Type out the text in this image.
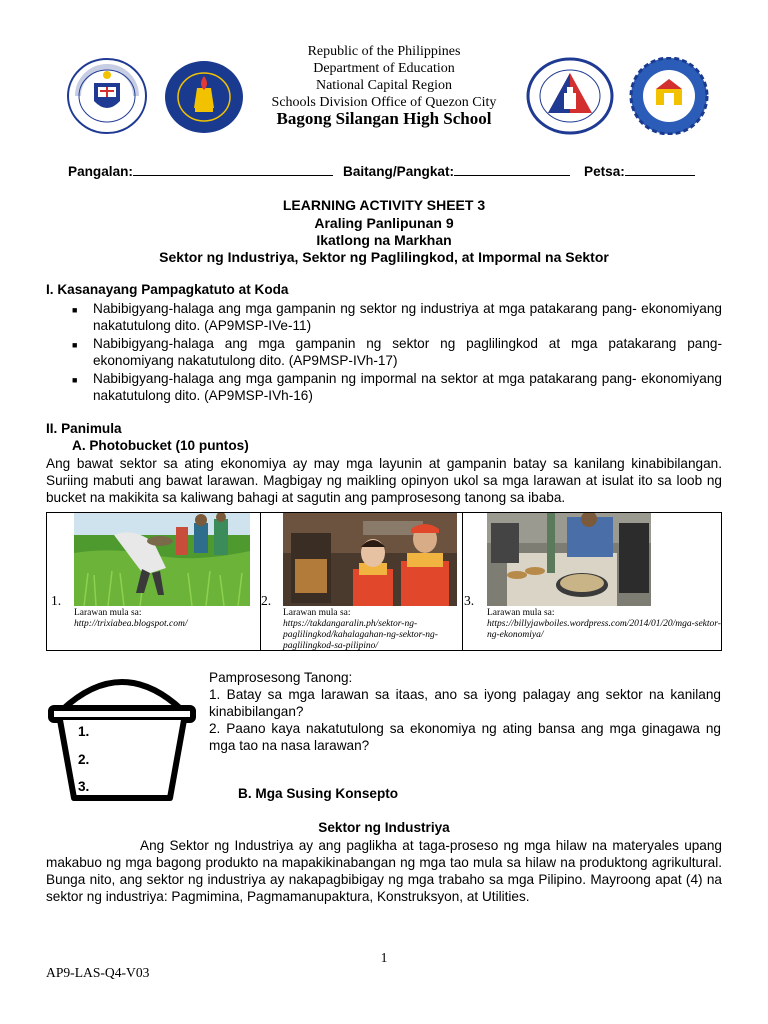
Republic of the Philippines
Department of Education
National Capital Region
Schools Division Office of Quezon City
Bagong Silangan High School
Pangalan:	Baitang/Pangkat:	Petsa:
LEARNING ACTIVITY SHEET 3
Araling Panlipunan 9
Ikatlong na Markhan
Sektor ng Industriya, Sektor ng Paglilingkod, at Impormal na Sektor
I. Kasanayang Pampagkatuto at Koda
■ Nabibigyang-halaga ang mga gampanin ng sektor ng industriya at mga patakarang pang- ekonomiyang nakatutulong dito. (AP9MSP-IVe-11)
■ Nabibigyang-halaga ang mga gampanin ng sektor ng paglilingkod at mga patakarang pang- ekonomiyang nakatutulong dito. (AP9MSP-IVh-17)
■ Nabibigyang-halaga ang mga gampanin ng impormal na sektor at mga patakarang pang- ekonomiyang nakatutulong dito. (AP9MSP-IVh-16)
II. Panimula
A. Photobucket (10 puntos)
Ang bawat sektor sa ating ekonomiya ay may mga layunin at gampanin batay sa kanilang kinabibilangan. Suriing mabuti ang bawat larawan. Magbigay ng maikling opinyon ukol sa mga larawan at isulat ito sa loob ng bucket na makikita sa kaliwang bahagi at sagutin ang pamprosesong tanong sa ibaba.
1.
Larawan mula sa:
http://trixiabea.blogspot.com/
2.
Larawan mula sa:
https://takdangaralin.ph/sektor-ng-paglilingkod/kahalagahan-ng-sektor-ng-paglilingkod-sa-pilipino/
3.
Larawan mula sa:
https://billyjawboiles.wordpress.com/2014/01/20/mga-sektor-ng-ekonomiya/
1.
2.
3.
Pamprosesong Tanong:
1. Batay sa mga larawan sa itaas, ano sa iyong palagay ang sektor na kanilang kinabibilangan?
2. Paano kaya nakatutulong sa ekonomiya ng ating bansa ang mga ginagawa ng mga tao na nasa larawan?
B. Mga Susing Konsepto
Sektor ng Industriya
Ang Sektor ng Industriya ay ang paglikha at taga-proseso ng mga hilaw na materyales upang makabuo ng mga bagong produkto na mapakikinabangan ng mga tao mula sa hilaw na produktong agrikultural. Bunga nito, ang sektor ng industriya ay nakapagbibigay ng mga trabaho sa mga Pilipino. Mayroong apat (4) na sektor ng industriya: Pagmimina, Pagmamanupaktura, Konstruksyon, at Utilities.
1
AP9-LAS-Q4-V03
